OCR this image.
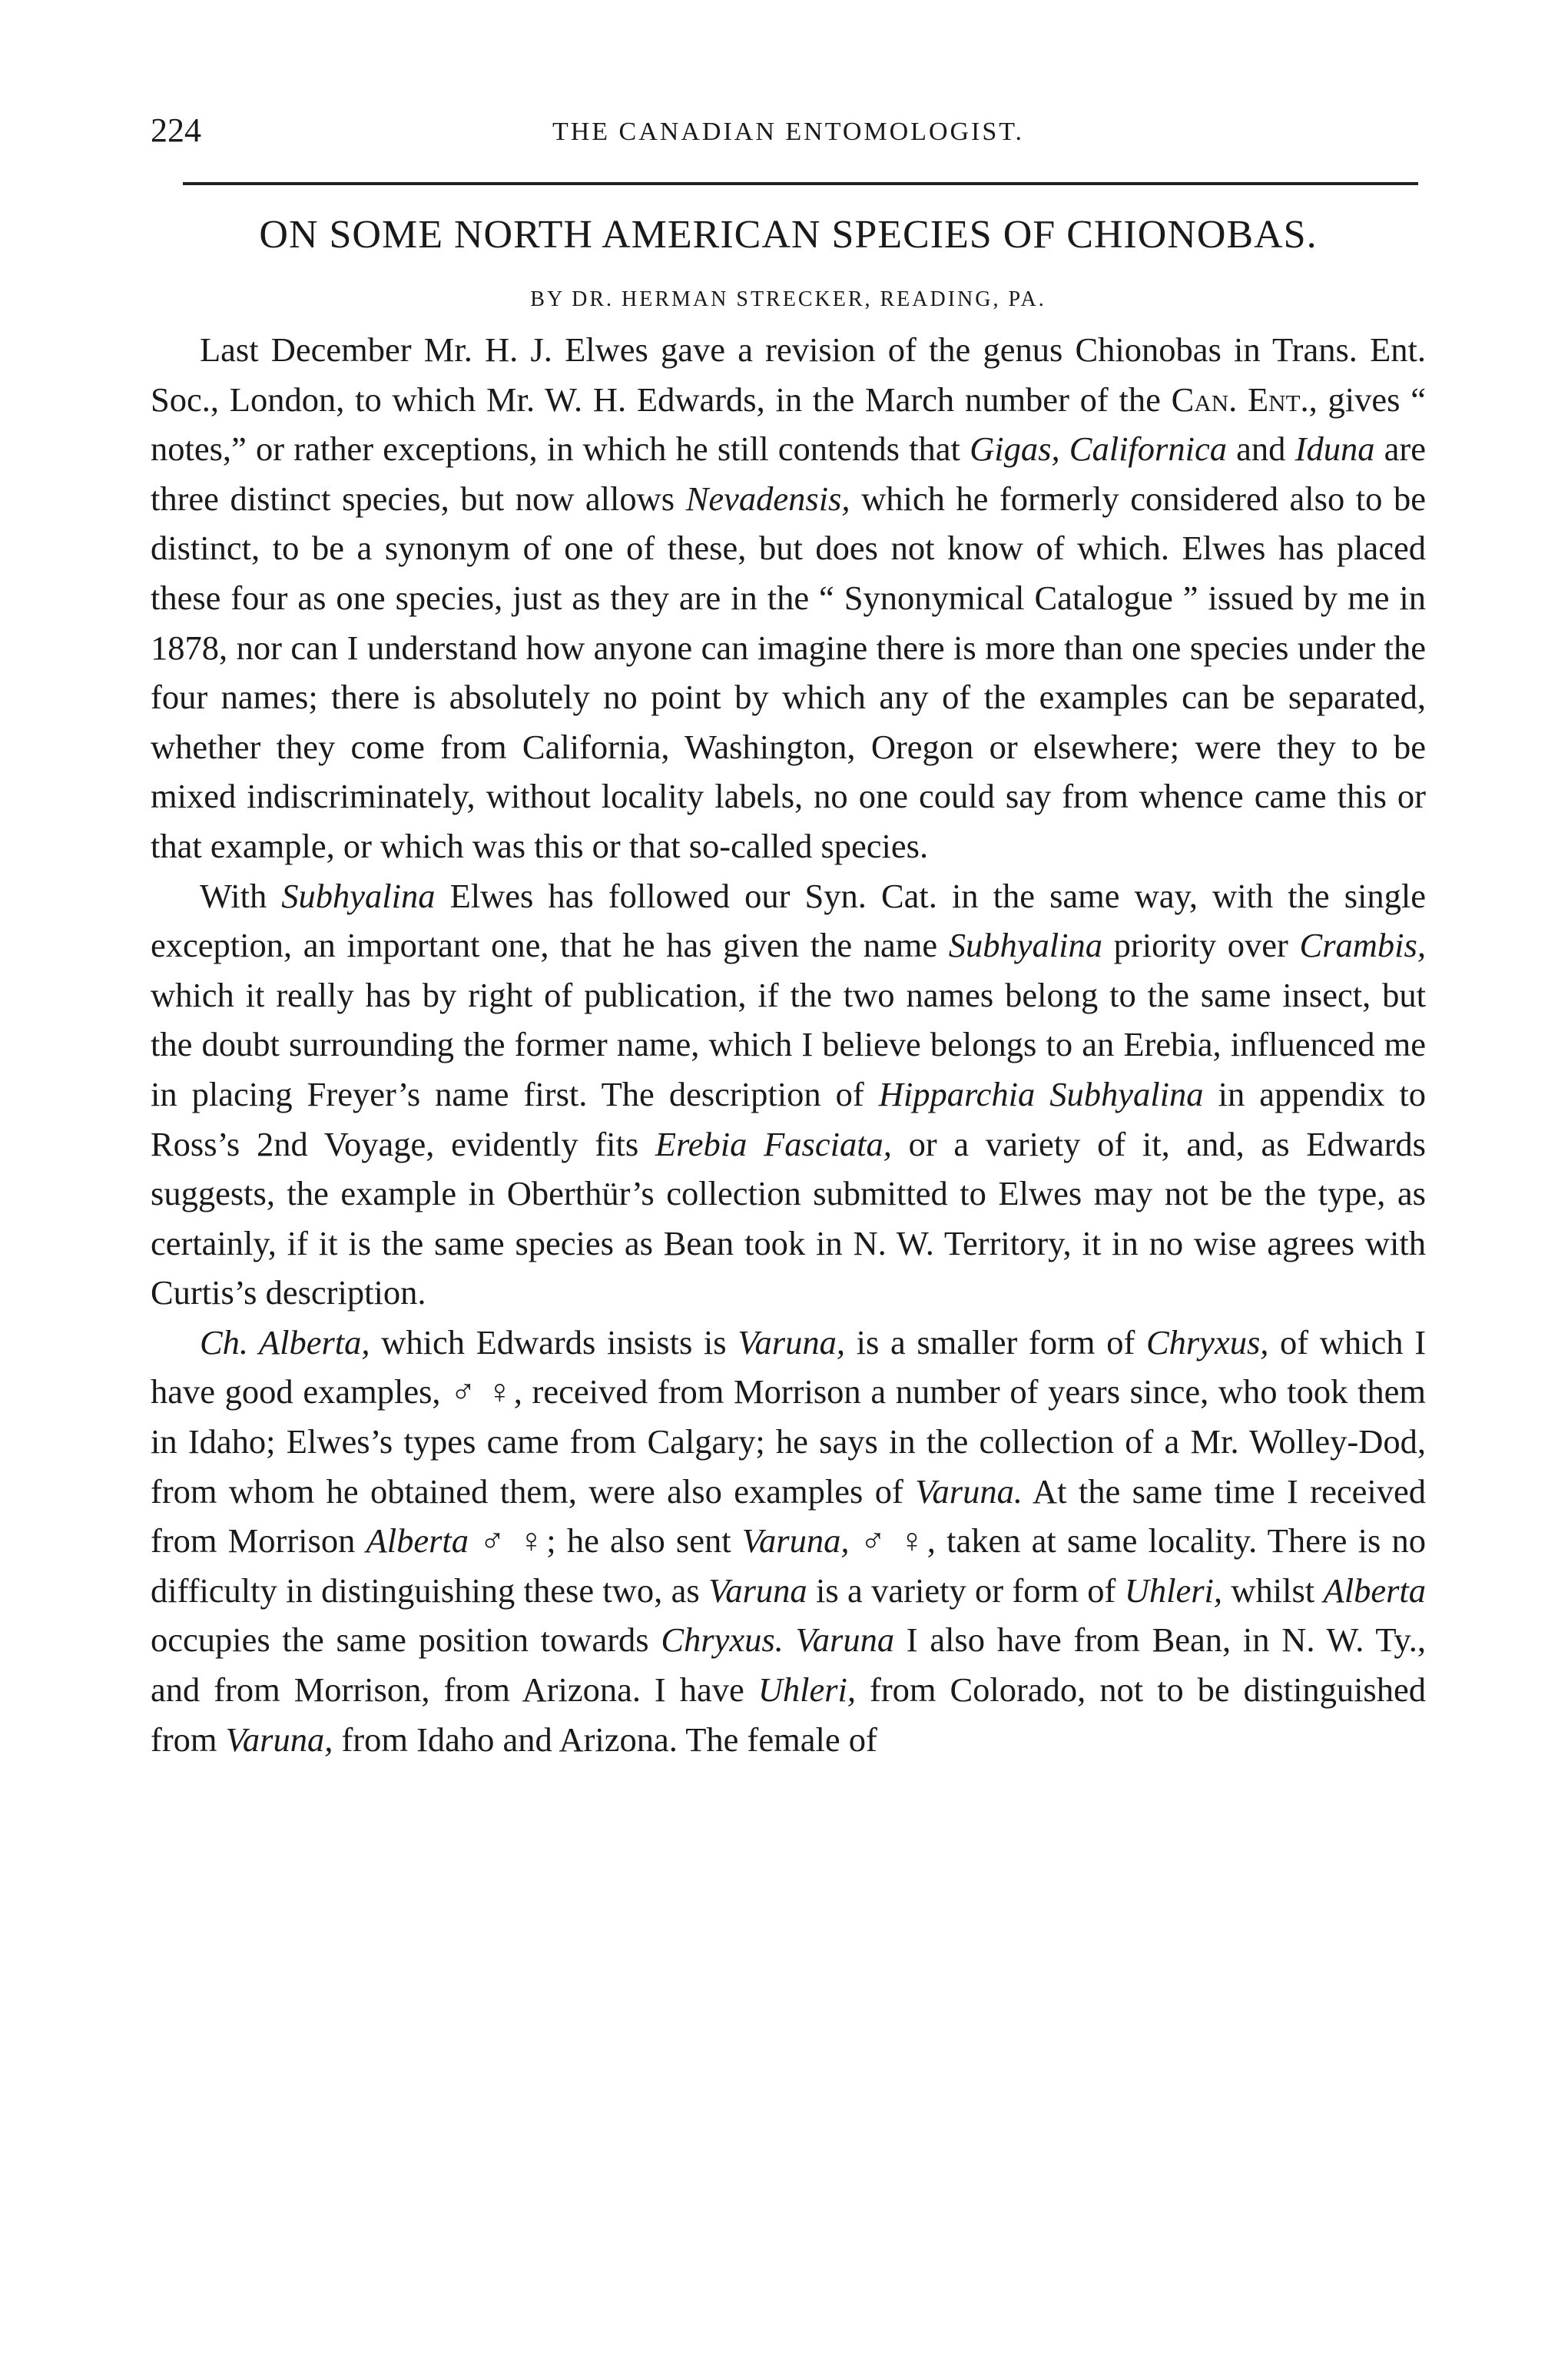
224	THE CANADIAN ENTOMOLOGIST.
ON SOME NORTH AMERICAN SPECIES OF CHIONOBAS.
BY DR. HERMAN STRECKER, READING, PA.

Last December Mr. H. J. Elwes gave a revision of the genus Chionobas in Trans. Ent. Soc., London, to which Mr. W. H. Edwards, in the March number of the Can. Ent., gives “ notes,” or rather exceptions, in which he still contends that Gigas, Californica and Iduna are three distinct species, but now allows Nevadensis, which he formerly considered also to be distinct, to be a synonym of one of these, but does not know of which. Elwes has placed these four as one species, just as they are in the “ Synonymical Catalogue ” issued by me in 1878, nor can I understand how anyone can imagine there is more than one species under the four names; there is absolutely no point by which any of the examples can be separated, whether they come from California, Washington, Oregon or elsewhere; were they to be mixed indiscriminately, without locality labels, no one could say from whence came this or that example, or which was this or that so-called species.

With Subhyalina Elwes has followed our Syn. Cat. in the same way, with the single exception, an important one, that he has given the name Subhyalina priority over Crambis, which it really has by right of publication, if the two names belong to the same insect, but the doubt surrounding the former name, which I believe belongs to an Erebia, influenced me in placing Freyer’s name first. The description of Hipparchia Subhyalina in appendix to Ross’s 2nd Voyage, evidently fits Erebia Fasciata, or a variety of it, and, as Edwards suggests, the example in Oberthür’s collection submitted to Elwes may not be the type, as certainly, if it is the same species as Bean took in N. W. Territory, it in no wise agrees with Curtis’s description.

Ch. Alberta, which Edwards insists is Varuna, is a smaller form of Chryxus, of which I have good examples, ♂ ♀, received from Morrison a number of years since, who took them in Idaho; Elwes’s types came from Calgary; he says in the collection of a Mr. Wolley-Dod, from whom he obtained them, were also examples of Varuna. At the same time I received from Morrison Alberta ♂ ♀; he also sent Varuna, ♂ ♀, taken at same locality. There is no difficulty in distinguishing these two, as Varuna is a variety or form of Uhleri, whilst Alberta occupies the same position towards Chryxus. Varuna I also have from Bean, in N. W. Ty., and from Morrison, from Arizona. I have Uhleri, from Colorado, not to be distinguished from Varuna, from Idaho and Arizona. The female of
